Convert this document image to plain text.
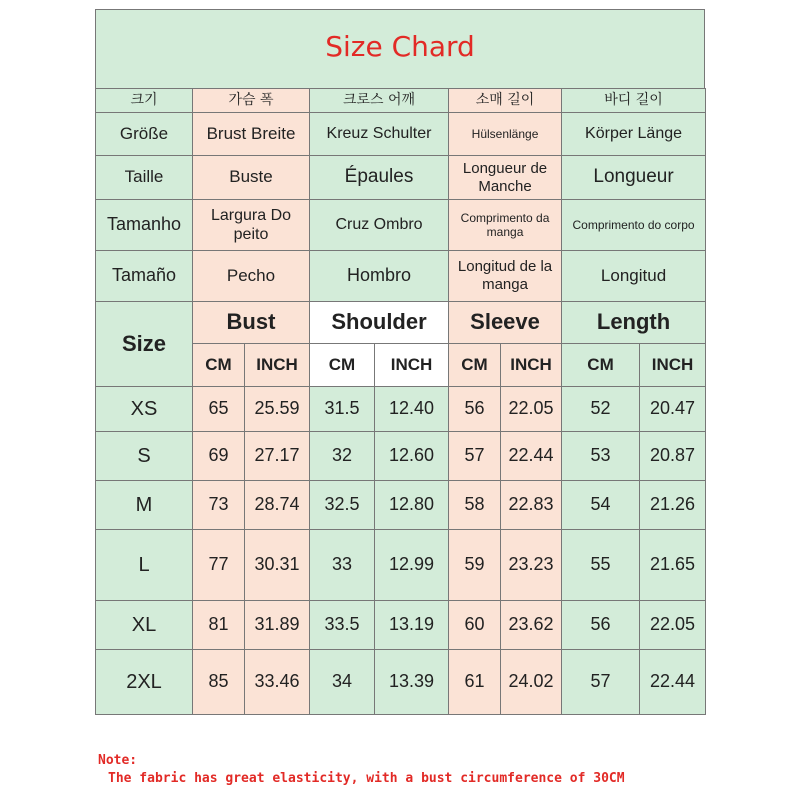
Size Chard
크기	가슴 폭		크로스 어깨		소매 길이		바디 길이	
Größe	Brust Breite		Kreuz Schulter		Hülsenlänge		Körper Länge	
Taille	Buste		Épaules		Longueur de Manche		Longueur	
Tamanho	Largura Do peito		Cruz Ombro		Comprimento da manga		Comprimento do corpo	
Tamaño	Pecho		Hombro		Longitud de la manga		Longitud	
Size	Bust		Shoulder		Sleeve		Length	
	CM	INCH	CM	INCH	CM	INCH	CM	INCH
XS	65	25.59	31.5	12.40	56	22.05	52	20.47
S	69	27.17	32	12.60	57	22.44	53	20.87
M	73	28.74	32.5	12.80	58	22.83	54	21.26
L	77	30.31	33	12.99	59	23.23	55	21.65
XL	81	31.89	33.5	13.19	60	23.62	56	22.05
2XL	85	33.46	34	13.39	61	24.02	57	22.44
Note:
The fabric has great elasticity, with a bust circumference of 30CM
